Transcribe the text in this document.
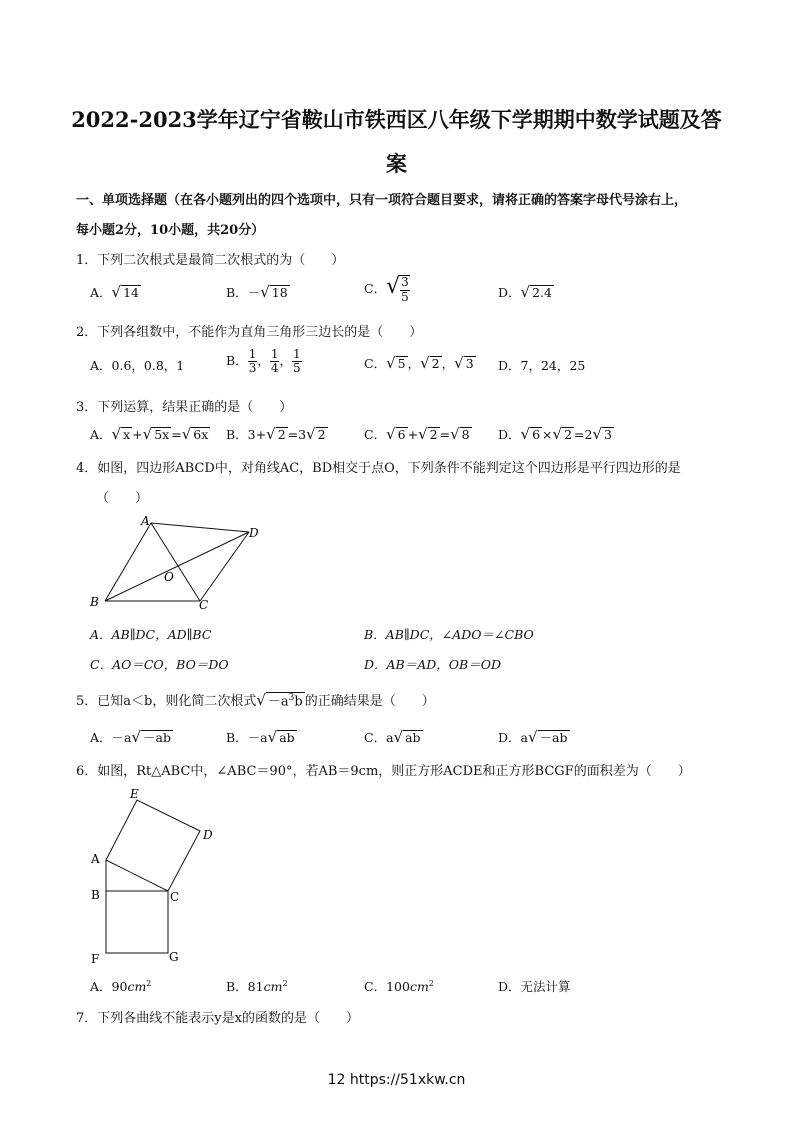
2022-2023学年辽宁省鞍山市铁西区八年级下学期期中数学试题及答
案
一、单项选择题（在各小题列出的四个选项中，只有一项符合题目要求，请将正确的答案字母代号涂右上，
每小题2分，10小题，共20分）
1．下列二次根式是最简二次根式的为（　　）
A．√ 14	B．－√ 18	C．√ $\frac{3}{5}$	D．√ 2.4
2．下列各组数中，不能作为直角三角形三边长的是（　　）
A．0.6，0.8，1	B． $\frac{1}{3}$ ， $\frac{1}{4}$ ， $\frac{1}{5}$	C．√ 5 ，√ 2 ，√ 3 D．7，24，25
3．下列运算，结果正确的是（　　）
A．√ x +√ 5x =√ 6x B．3+√ 2 =3√ 2	C．√ 6 +√ 2 =√ 8 D．√ 6 ×√ 2 =2√ 3
4．如图，四边形ABCD中，对角线AC，BD相交于点O，下列条件不能判定这个四边形是平行四边形的是
（　　）
A
D
O
B	C
A．AB∥DC，AD∥BC	B．AB∥DC，∠ADO＝∠CBO
C．AO＝CO，BO＝DO	D．AB＝AD，OB＝OD
5．已知a＜b，则化简二次根式√ $-a^3b$ 的正确结果是（　　）
A．－a√ －ab	B．－a√ ab	C．a√ ab	D．a√ －ab
6．如图，Rt△ABC中，∠ABC＝90°，若AB＝9cm，则正方形ACDE和正方形BCGF的面积差为（　　）
E
D
A
B	C
F	G
A．$90cm^2$	B．$81cm^2$	C．$100cm^2$	D．无法计算
7．下列各曲线不能表示y是x的函数的是（　　）
12 https://51xkw.cn
